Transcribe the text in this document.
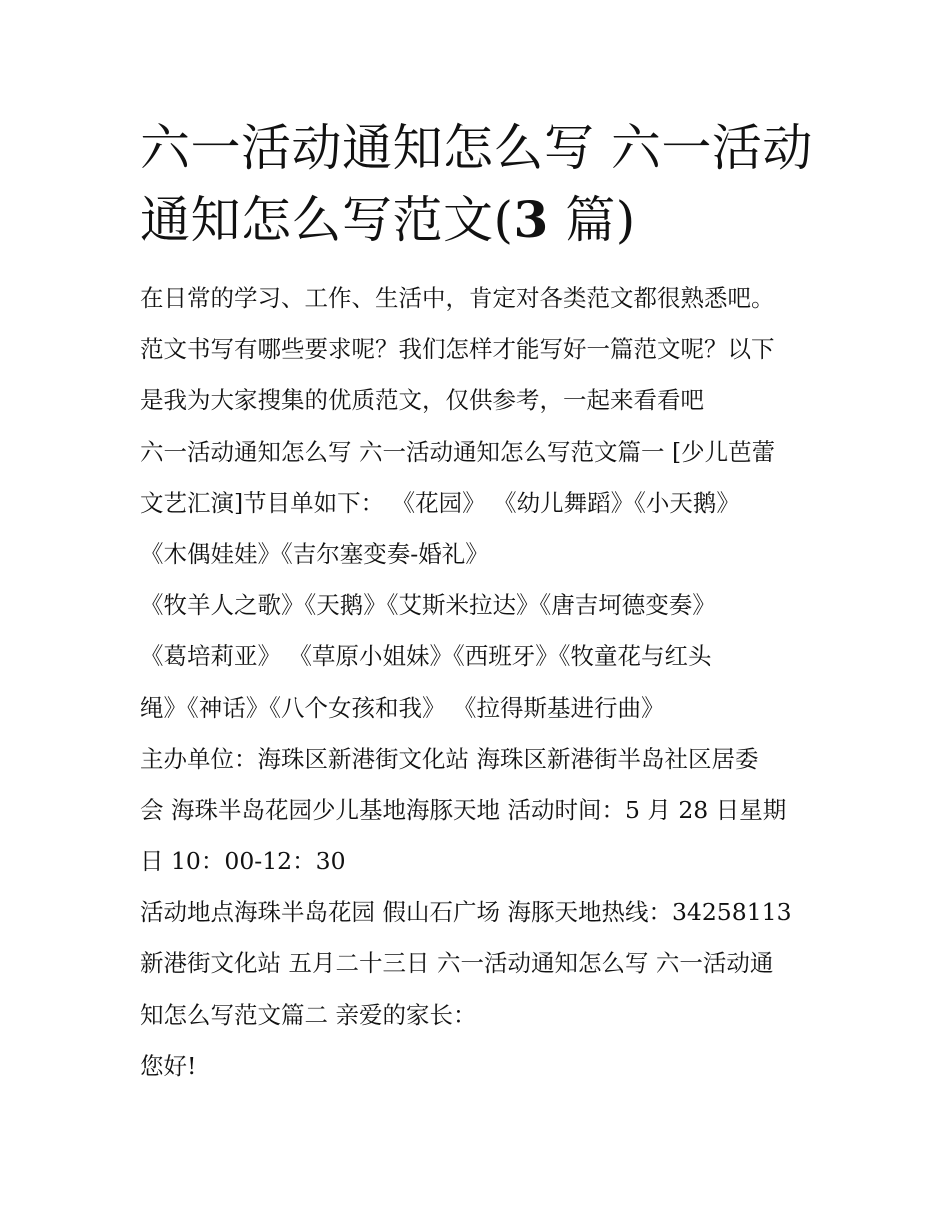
六一活动通知怎么写 六一活动
通知怎么写范文(3 篇)

在日常的学习、工作、生活中，肯定对各类范文都很熟悉吧。

范文书写有哪些要求呢？我们怎样才能写好一篇范文呢？以下

是我为大家搜集的优质范文，仅供参考，一起来看看吧

六一活动通知怎么写 六一活动通知怎么写范文篇一 [少儿芭蕾

文艺汇演]节目单如下： 《花园》 《幼儿舞蹈》《小天鹅》

《木偶娃娃》《吉尔塞变奏-婚礼》

《牧羊人之歌》《天鹅》《艾斯米拉达》《唐吉坷德变奏》

《葛培莉亚》 《草原小姐妹》《西班牙》《牧童花与红头

绳》《神话》《八个女孩和我》 《拉得斯基进行曲》

主办单位：海珠区新港街文化站 海珠区新港街半岛社区居委

会 海珠半岛花园少儿基地海豚天地 活动时间：5 月 28 日星期

日 10：00-12：30

活动地点海珠半岛花园 假山石广场 海豚天地热线：34258113

新港街文化站 五月二十三日 六一活动通知怎么写 六一活动通

知怎么写范文篇二 亲爱的家长：

您好!
